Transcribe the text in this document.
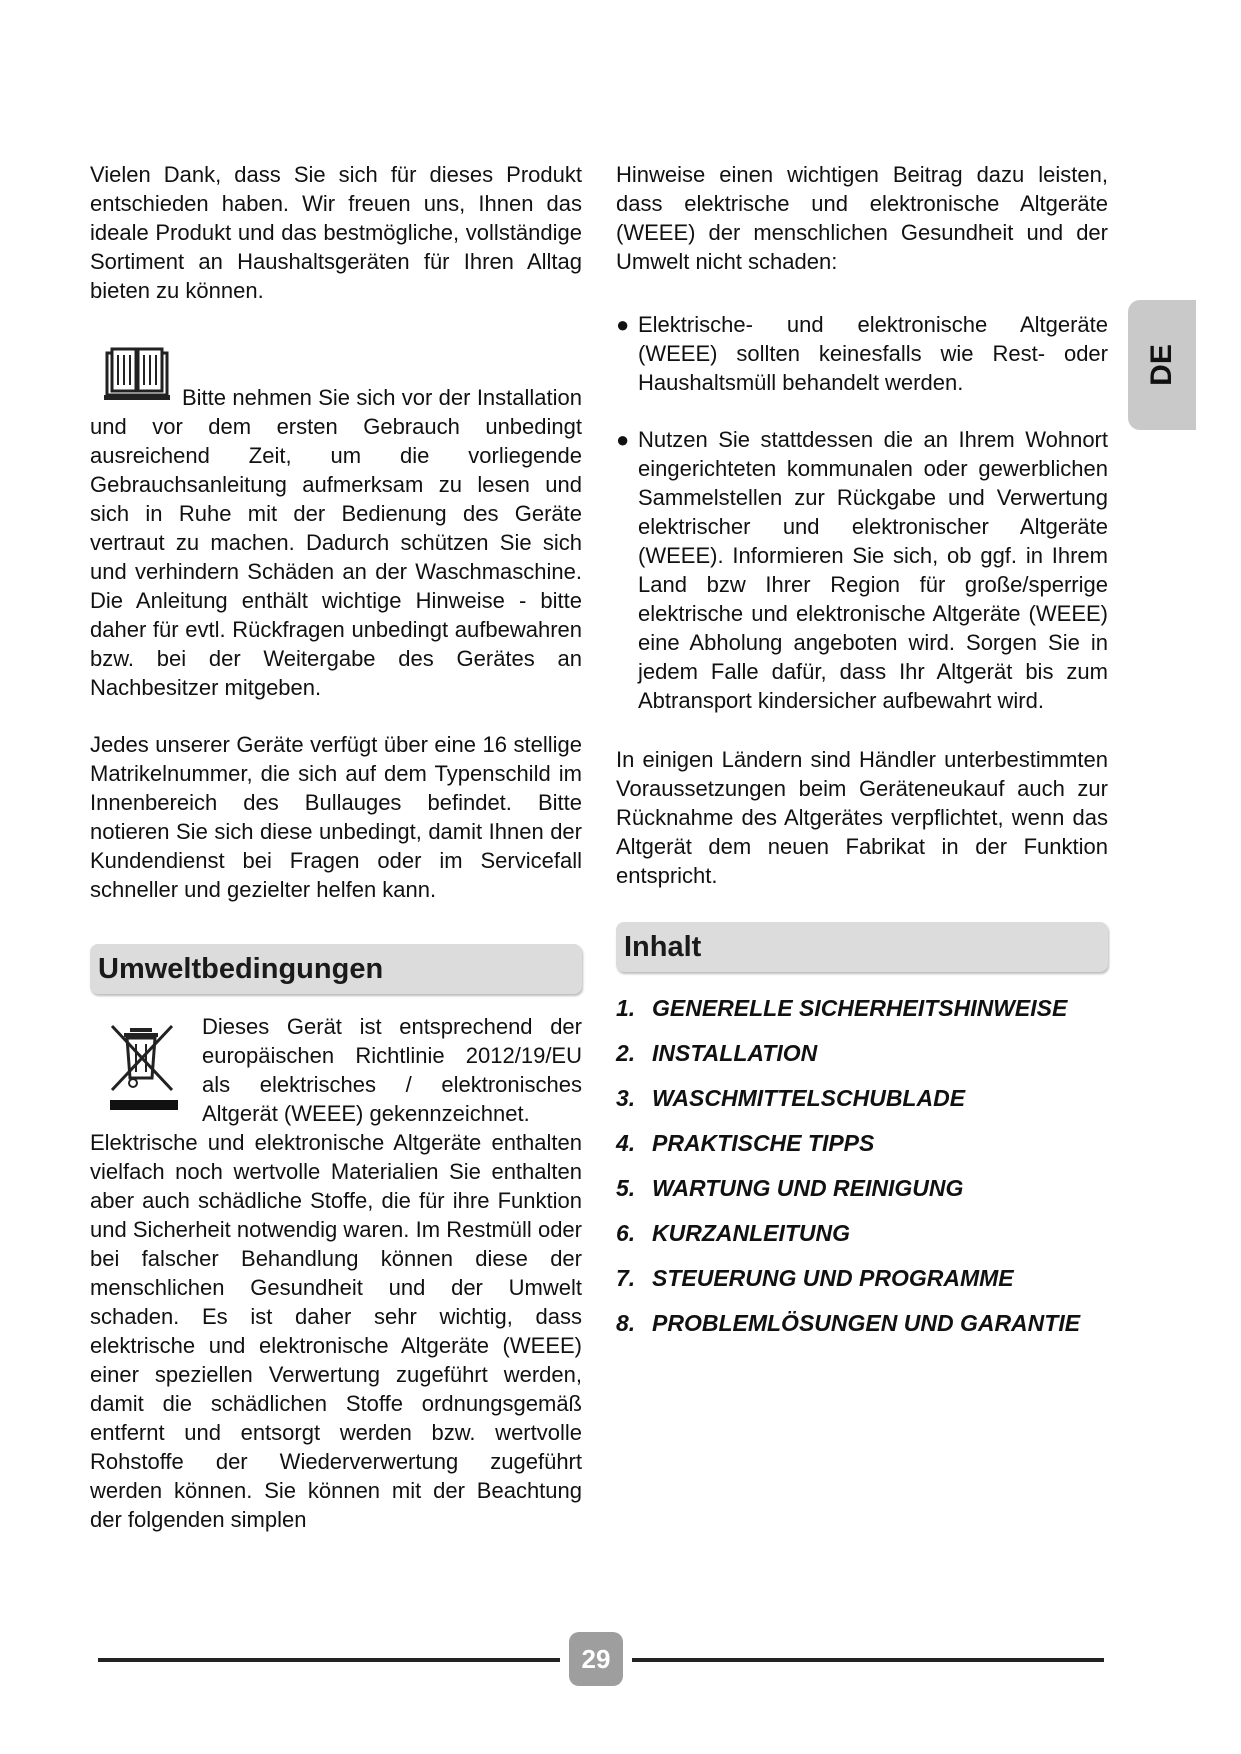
Vielen Dank, dass Sie sich für dieses Produkt entschieden haben. Wir freuen uns, Ihnen das ideale Produkt und das bestmögliche, vollständige Sortiment an Haushaltsgeräten für Ihren Alltag bieten zu können.

Bitte nehmen Sie sich vor der Installation und vor dem ersten Gebrauch unbedingt ausreichend Zeit, um die vorliegende Gebrauchsanleitung aufmerksam zu lesen und sich in Ruhe mit der Bedienung des Geräte vertraut zu machen. Dadurch schützen Sie sich und verhindern Schäden an der Waschmaschine. Die Anleitung enthält wichtige Hinweise - bitte daher für evtl. Rückfragen unbedingt aufbewahren bzw. bei der Weitergabe des Gerätes an Nachbesitzer mitgeben.

Jedes unserer Geräte verfügt über eine 16 stellige Matrikelnummer, die sich auf dem Typenschild im Innenbereich des Bullauges befindet. Bitte notieren Sie sich diese unbedingt, damit Ihnen der Kundendienst bei Fragen oder im Servicefall schneller und gezielter helfen kann.

Umweltbedingungen

Dieses Gerät ist entsprechend der europäischen Richtlinie 2012/19/EU als elektrisches / elektronisches Altgerät (WEEE) gekennzeichnet.

Elektrische und elektronische Altgeräte enthalten vielfach noch wertvolle Materialien Sie enthalten aber auch schädliche Stoffe, die für ihre Funktion und Sicherheit notwendig waren. Im Restmüll oder bei falscher Behandlung können diese der menschlichen Gesundheit und der Umwelt schaden. Es ist daher sehr wichtig, dass elektrische und elektronische Altgeräte (WEEE) einer speziellen Verwertung zugeführt werden, damit die schädlichen Stoffe ordnungsgemäß entfernt und entsorgt werden bzw. wertvolle Rohstoffe der Wiederverwertung zugeführt werden können. Sie können mit der Beachtung der folgenden simplen

Hinweise einen wichtigen Beitrag dazu leisten, dass elektrische und elektronische Altgeräte (WEEE) der menschlichen Gesundheit und der Umwelt nicht schaden:

● Elektrische- und elektronische Altgeräte (WEEE) sollten keinesfalls wie Rest- oder Haushaltsmüll behandelt werden.
● Nutzen Sie stattdessen die an Ihrem Wohnort eingerichteten kommunalen oder gewerblichen Sammelstellen zur Rückgabe und Verwertung elektrischer und elektronischer Altgeräte (WEEE). Informieren Sie sich, ob ggf. in Ihrem Land bzw Ihrer Region für große/sperrige elektrische und elektronische Altgeräte (WEEE) eine Abholung angeboten wird. Sorgen Sie in jedem Falle dafür, dass Ihr Altgerät bis zum Abtransport kindersicher aufbewahrt wird.

In einigen Ländern sind Händler unterbestimmten Voraussetzungen beim Geräteneukauf auch zur Rücknahme des Altgerätes verpflichtet, wenn das Altgerät dem neuen Fabrikat in der Funktion entspricht.

Inhalt
1. GENERELLE SICHERHEITSHINWEISE
2. INSTALLATION
3. WASCHMITTELSCHUBLADE
4. PRAKTISCHE TIPPS
5. WARTUNG UND REINIGUNG
6. KURZANLEITUNG
7. STEUERUNG UND PROGRAMME
8. PROBLEMLÖSUNGEN UND GARANTIE
DE
29
